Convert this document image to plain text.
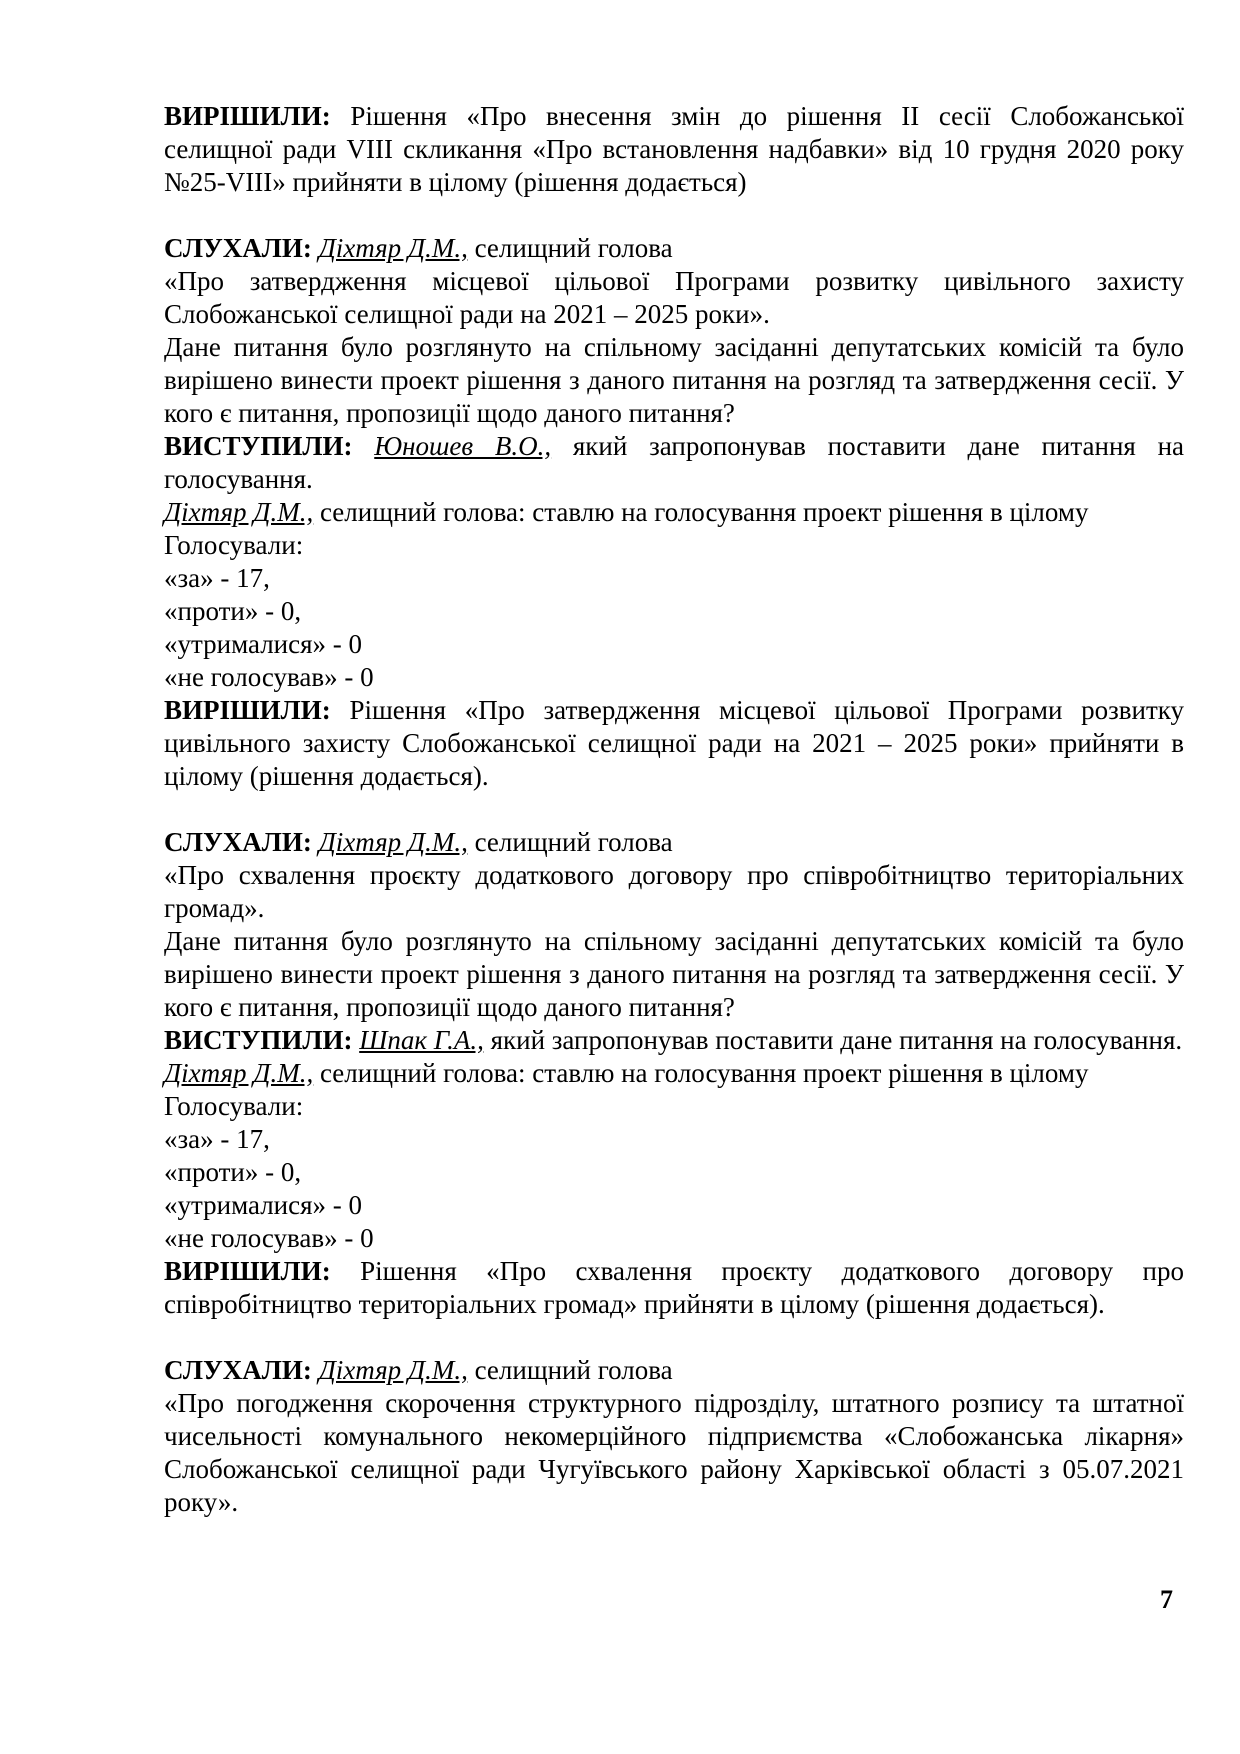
ВИРІШИЛИ: Рішення «Про внесення змін до рішення ІІ сесії Слобожанської селищної ради VІІІ скликання «Про встановлення надбавки» від 10 грудня 2020 року №25-VІІІ» прийняти в цілому (рішення додається)

СЛУХАЛИ: Діхтяр Д.М., селищний голова

«Про затвердження місцевої цільової Програми розвитку цивільного захисту Слобожанської селищної ради на 2021 – 2025 роки».

Дане питання було розглянуто на спільному засіданні депутатських комісій та було вирішено винести проект рішення з даного питання на розгляд та затвердження сесії. У кого є питання, пропозиції щодо даного питання?

ВИСТУПИЛИ: Юношев В.О., який запропонував поставити дане питання на голосування.

Діхтяр Д.М., селищний голова: ставлю на голосування проект рішення в цілому

Голосували:

«за» - 17,

«проти» - 0,

«утрималися» - 0

«не голосував» - 0

ВИРІШИЛИ: Рішення «Про затвердження місцевої цільової Програми розвитку цивільного захисту Слобожанської селищної ради на 2021 – 2025 роки» прийняти в цілому (рішення додається).

СЛУХАЛИ: Діхтяр Д.М., селищний голова

«Про схвалення проєкту додаткового договору про співробітництво територіальних громад».

Дане питання було розглянуто на спільному засіданні депутатських комісій та було вирішено винести проект рішення з даного питання на розгляд та затвердження сесії. У кого є питання, пропозиції щодо даного питання?

ВИСТУПИЛИ: Шпак Г.А., який запропонував поставити дане питання на голосування.

Діхтяр Д.М., селищний голова: ставлю на голосування проект рішення в цілому

Голосували:

«за» - 17,

«проти» - 0,

«утрималися» - 0

«не голосував» - 0

ВИРІШИЛИ: Рішення «Про схвалення проєкту додаткового договору про співробітництво територіальних громад» прийняти в цілому (рішення додається).

СЛУХАЛИ: Діхтяр Д.М., селищний голова

«Про погодження скорочення структурного підрозділу, штатного розпису та штатної чисельності комунального некомерційного підприємства «Слобожанська лікарня» Слобожанської селищної ради Чугуївського району Харківської області з 05.07.2021 року».

7
